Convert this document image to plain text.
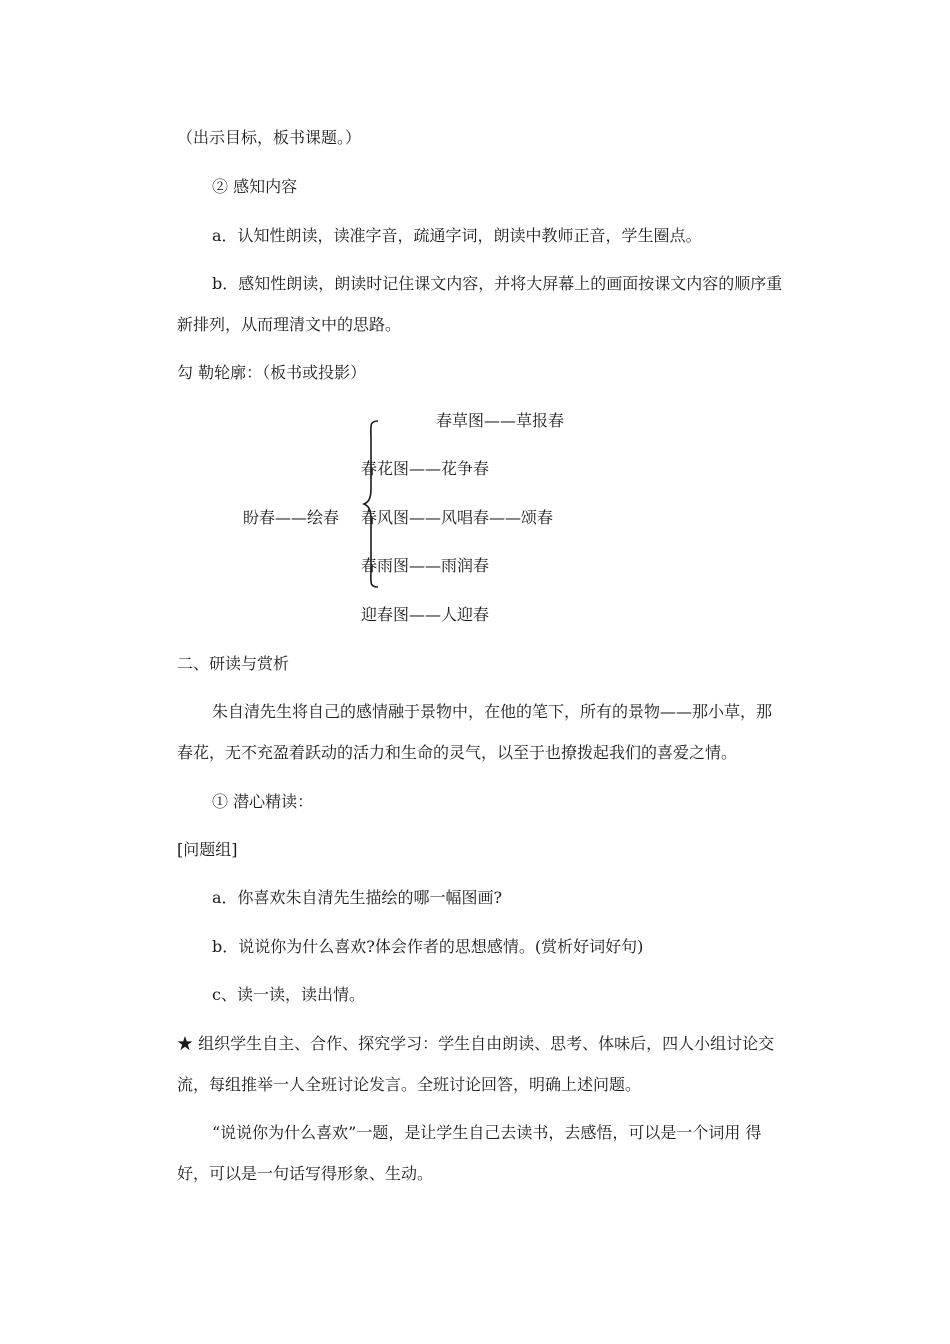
（出示目标，板书课题。）
② 感知内容
a．认知性朗读，读准字音，疏通字词，朗读中教师正音，学生圈点。
b．感知性朗读，朗读时记住课文内容，并将大屏幕上的画面按课文内容的顺序重
新排列，从而理清文中的思路。
勾 勒轮廓：（板书或投影）
盼春——绘春
春草图——草报春
春花图——花争春
春风图——风唱春——颂春
春雨图——雨润春
迎春图——人迎春
二、研读与赏析
朱自清先生将自己的感情融于景物中，在他的笔下，所有的景物——那小草，那
春花，无不充盈着跃动的活力和生命的灵气，以至于也撩拨起我们的喜爱之情。
① 潜心精读：
[问题组]
a．你喜欢朱自清先生描绘的哪一幅图画?
b．说说你为什么喜欢?体会作者的思想感情。(赏析好词好句)
c、读一读，读出情。
★ 组织学生自主、合作、探究学习：学生自由朗读、思考、体味后，四人小组讨论交
流，每组推举一人全班讨论发言。全班讨论回答，明确上述问题。
“说说你为什么喜欢”一题，是让学生自己去读书，去感悟，可以是一个词用 得
好，可以是一句话写得形象、生动。
